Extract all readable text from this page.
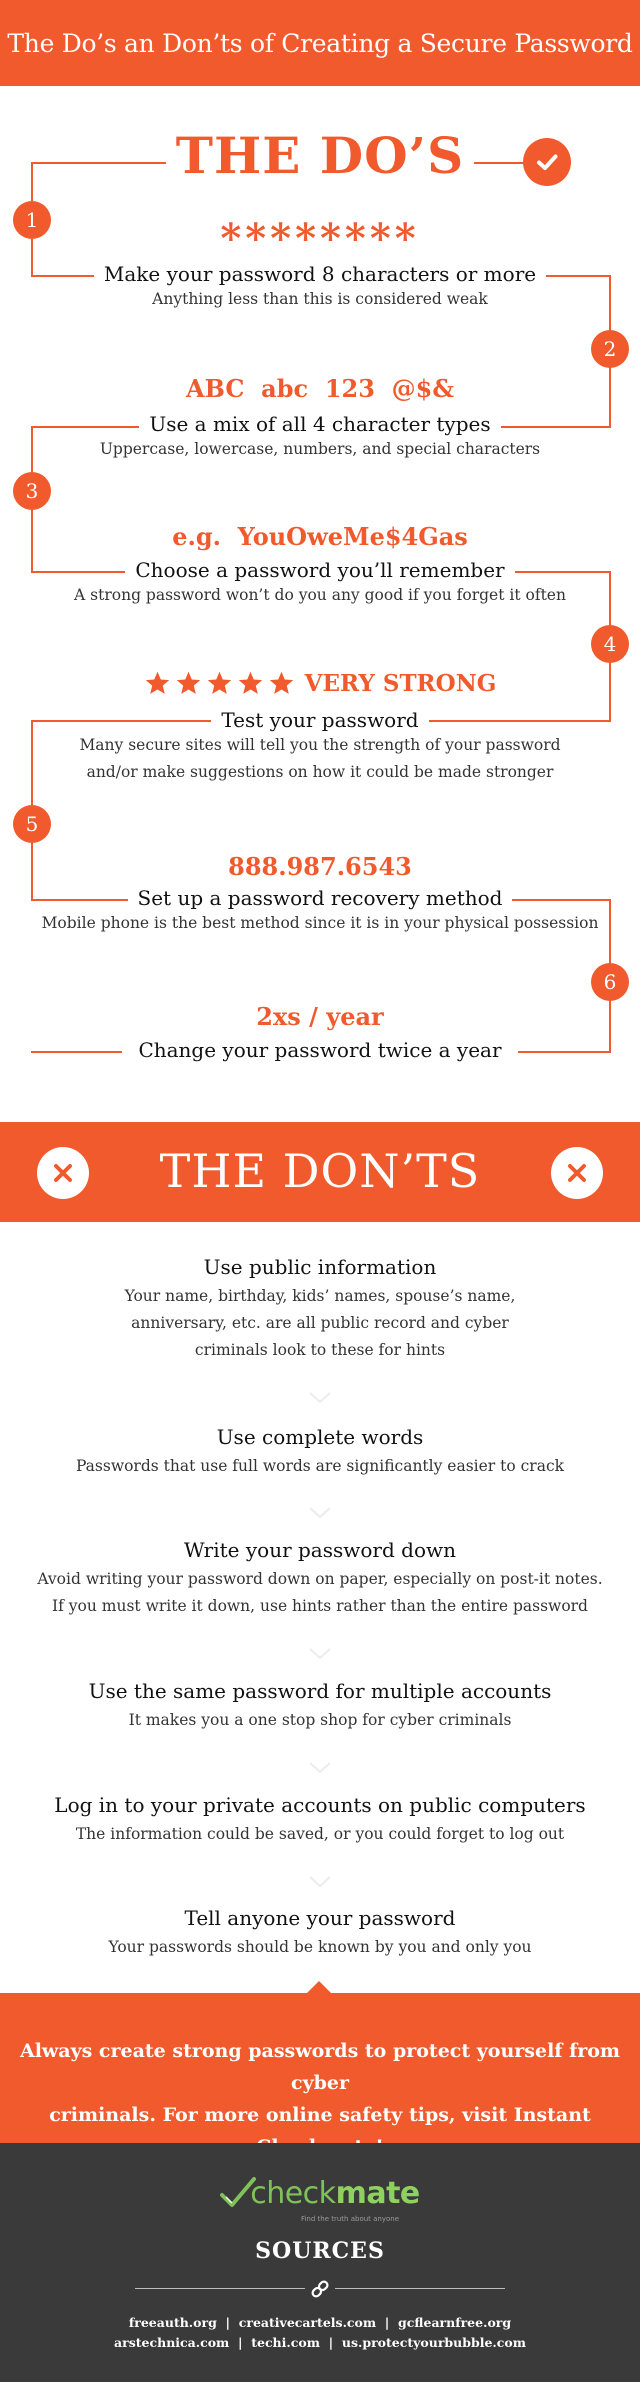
The Do’s an Don’ts of Creating a Secure Password
THE DO’S
1
2
3
4
5
6
********
Make your password 8 characters or more
Anything less than this is considered weak
ABC  abc  123  @$&
Use a mix of all 4 character types
Uppercase, lowercase, numbers, and special characters
e.g.  YouOweMe$4Gas
Choose a password you’ll remember
A strong password won’t do you any good if you forget it often
VERY STRONG
Test your password
Many secure sites will tell you the strength of your password
and/or make suggestions on how it could be made stronger
888.987.6543
Set up a password recovery method
Mobile phone is the best method since it is in your physical possession
2xs / year
Change your password twice a year
THE DON’TS
Use public information
Your name, birthday, kids’ names, spouse’s name,
anniversary, etc. are all public record and cyber
criminals look to these for hints
Use complete words
Passwords that use full words are significantly easier to crack
Write your password down
Avoid writing your password down on paper, especially on post-it notes.
If you must write it down, use hints rather than the entire password
Use the same password for multiple accounts
It makes you a one stop shop for cyber criminals
Log in to your private accounts on public computers
The information could be saved, or you could forget to log out
Tell anyone your password
Your passwords should be known by you and only you
Always create strong passwords to protect yourself from cyber
criminals. For more online safety tips, visit Instant
check mate
Find the truth about anyone
SOURCES
freeauth.org  |  creativecartels.com  |  gcflearnfree.org
arstechnica.com  |  techi.com  |  us.protectyourbubble.com
